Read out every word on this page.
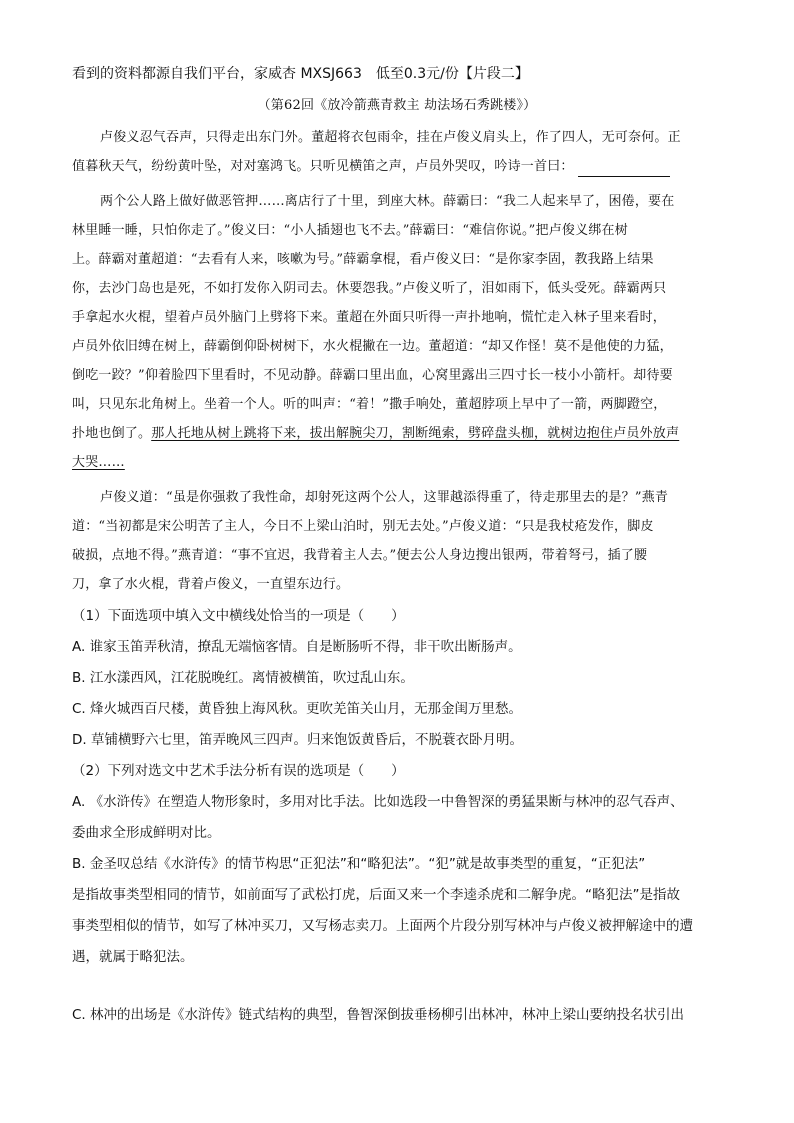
看到的资料都源自我们平台，家威杏 MXSJ663　低至0.3元/份【片段二】
（第62回《放冷箭燕青救主 劫法场石秀跳楼》）
卢俊义忍气吞声，只得走出东门外。董超将衣包雨伞，挂在卢俊义肩头上，作了四人，无可奈何。正
值暮秋天气，纷纷黄叶坠，对对塞鸿飞。只听见横笛之声，卢员外哭叹，吟诗一首曰：
两个公人路上做好做恶管押……离店行了十里，到座大林。薛霸曰：“我二人起来早了，困倦，要在
林里睡一睡，只怕你走了。”俊义曰：“小人插翅也飞不去。”薛霸曰：“难信你说。”把卢俊义绑在树
上。薛霸对董超道：“去看有人来，咳嗽为号。”薛霸拿棍，看卢俊义曰：“是你家李固，教我路上结果
你，去沙门岛也是死，不如打发你入阴司去。休要怨我。”卢俊义听了，泪如雨下，低头受死。薛霸两只
手拿起水火棍，望着卢员外脑门上劈将下来。董超在外面只听得一声扑地响，慌忙走入林子里来看时，
卢员外依旧缚在树上，薛霸倒仰卧树树下，水火棍撇在一边。董超道：“却又作怪！莫不是他使的力猛，
倒吃一跤？”仰着脸四下里看时，不见动静。薛霸口里出血，心窝里露出三四寸长一枝小小箭杆。却待要
叫，只见东北角树上。坐着一个人。听的叫声：“着！”撒手响处，董超脖项上早中了一箭，两脚蹬空，
扑地也倒了。那人托地从树上跳将下来，拔出解腕尖刀，割断绳索，劈碎盘头枷，就树边抱住卢员外放声
大哭……
卢俊义道：“虽是你强救了我性命，却射死这两个公人，这罪越添得重了，待走那里去的是？”燕青
道：“当初都是宋公明苦了主人，今日不上梁山泊时，别无去处。”卢俊义道：“只是我杖疮发作，脚皮
破损，点地不得。”燕青道：“事不宜迟，我背着主人去。”便去公人身边搜出银两，带着弩弓，插了腰
刀，拿了水火棍，背着卢俊义，一直望东边行。
（1）下面选项中填入文中横线处恰当的一项是（　　）
A. 谁家玉笛弄秋清，撩乱无端恼客情。自是断肠听不得，非干吹出断肠声。
B. 江水漾西风，江花脱晚红。离情被横笛，吹过乱山东。
C. 烽火城西百尺楼，黄昏独上海风秋。更吹羌笛关山月，无那金闺万里愁。
D. 草铺横野六七里，笛弄晚风三四声。归来饱饭黄昏后，不脱蓑衣卧月明。
（2）下列对选文中艺术手法分析有误的选项是（　　）
A. 《水浒传》在塑造人物形象时，多用对比手法。比如选段一中鲁智深的勇猛果断与林冲的忍气吞声、
委曲求全形成鲜明对比。
B. 金圣叹总结《水浒传》的情节构思“正犯法”和“略犯法”。“犯”就是故事类型的重复，“正犯法”
是指故事类型相同的情节，如前面写了武松打虎，后面又来一个李逵杀虎和二解争虎。“略犯法”是指故
事类型相似的情节，如写了林冲买刀，又写杨志卖刀。上面两个片段分别写林冲与卢俊义被押解途中的遭
遇，就属于略犯法。
C. 林冲的出场是《水浒传》链式结构的典型，鲁智深倒拔垂杨柳引出林冲，林冲上梁山要纳投名状引出
